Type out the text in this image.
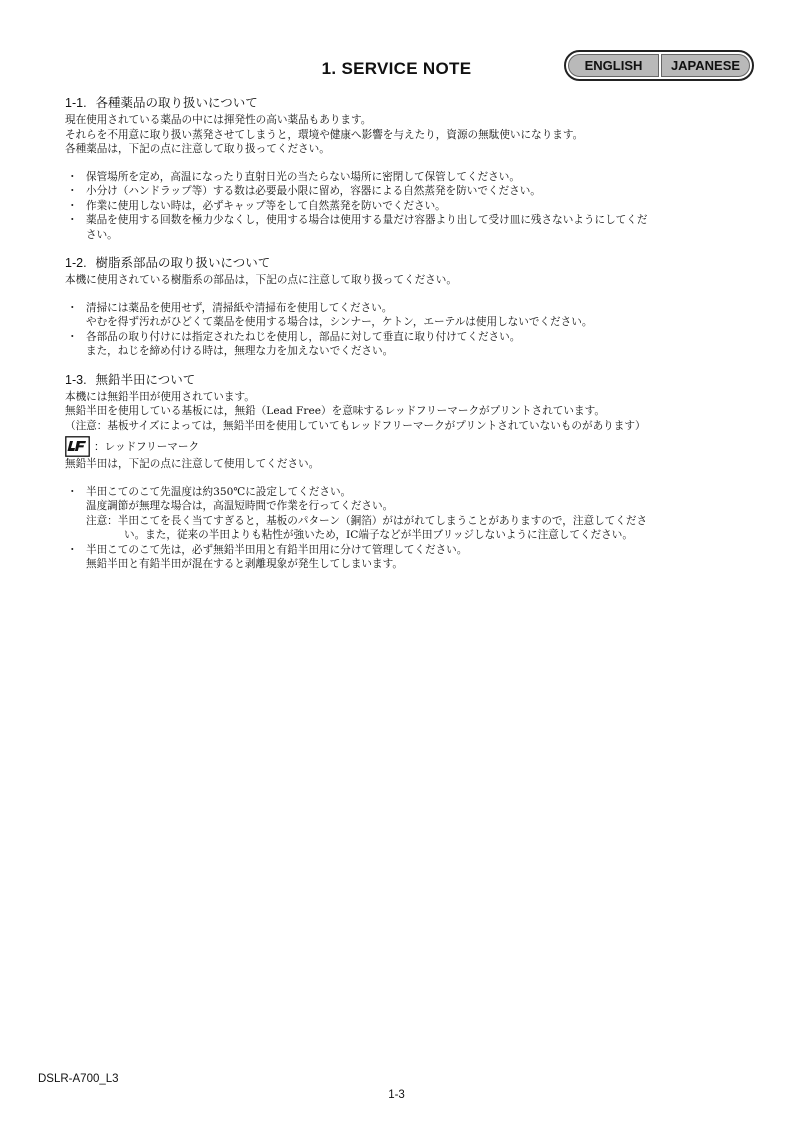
1. SERVICE NOTE	ENGLISH	JAPANESE
1-1. 各種薬品の取り扱いについて

現在使用されている薬品の中には揮発性の高い薬品もあります。

それらを不用意に取り扱い蒸発させてしまうと，環境や健康へ影響を与えたり，資源の無駄使いになります。

各種薬品は，下記の点に注意して取り扱ってください。

・ 保管場所を定め，高温になったり直射日光の当たらない場所に密閉して保管してください。
・ 小分け（ハンドラップ等）する数は必要最小限に留め，容器による自然蒸発を防いでください。
・ 作業に使用しない時は，必ずキャップ等をして自然蒸発を防いでください。
・ 薬品を使用する回数を極力少なくし，使用する場合は使用する量だけ容器より出して受け皿に残さないようにしてくだ
さい。
1-2. 樹脂系部品の取り扱いについて

本機に使用されている樹脂系の部品は，下記の点に注意して取り扱ってください。

・ 清掃には薬品を使用せず，清掃紙や清掃布を使用してください。
やむを得ず汚れがひどくて薬品を使用する場合は，シンナー，ケトン，エーテルは使用しないでください。
・ 各部品の取り付けには指定されたねじを使用し，部品に対して垂直に取り付けてください。
また，ねじを締め付ける時は，無理な力を加えないでください。
1-3. 無鉛半田について

本機には無鉛半田が使用されています。

無鉛半田を使用している基板には，無鉛（Lead Free）を意味するレッドフリーマークがプリントされています。

（注意：基板サイズによっては，無鉛半田を使用していてもレッドフリーマークがプリントされていないものがあります）

：レッドフリーマーク

無鉛半田は，下記の点に注意して使用してください。

・ 半田こてのこて先温度は約350℃に設定してください。
温度調節が無理な場合は，高温短時間で作業を行ってください。
注意：半田こてを長く当てすぎると，基板のパターン（銅箔）がはがれてしまうことがありますので，注意してくださ
い。また，従来の半田よりも粘性が強いため，IC端子などが半田ブリッジしないように注意してください。
・ 半田こてのこて先は，必ず無鉛半田用と有鉛半田用に分けて管理してください。
無鉛半田と有鉛半田が混在すると剥離現象が発生してしまいます。
DSLR-A700_L3
1-3
